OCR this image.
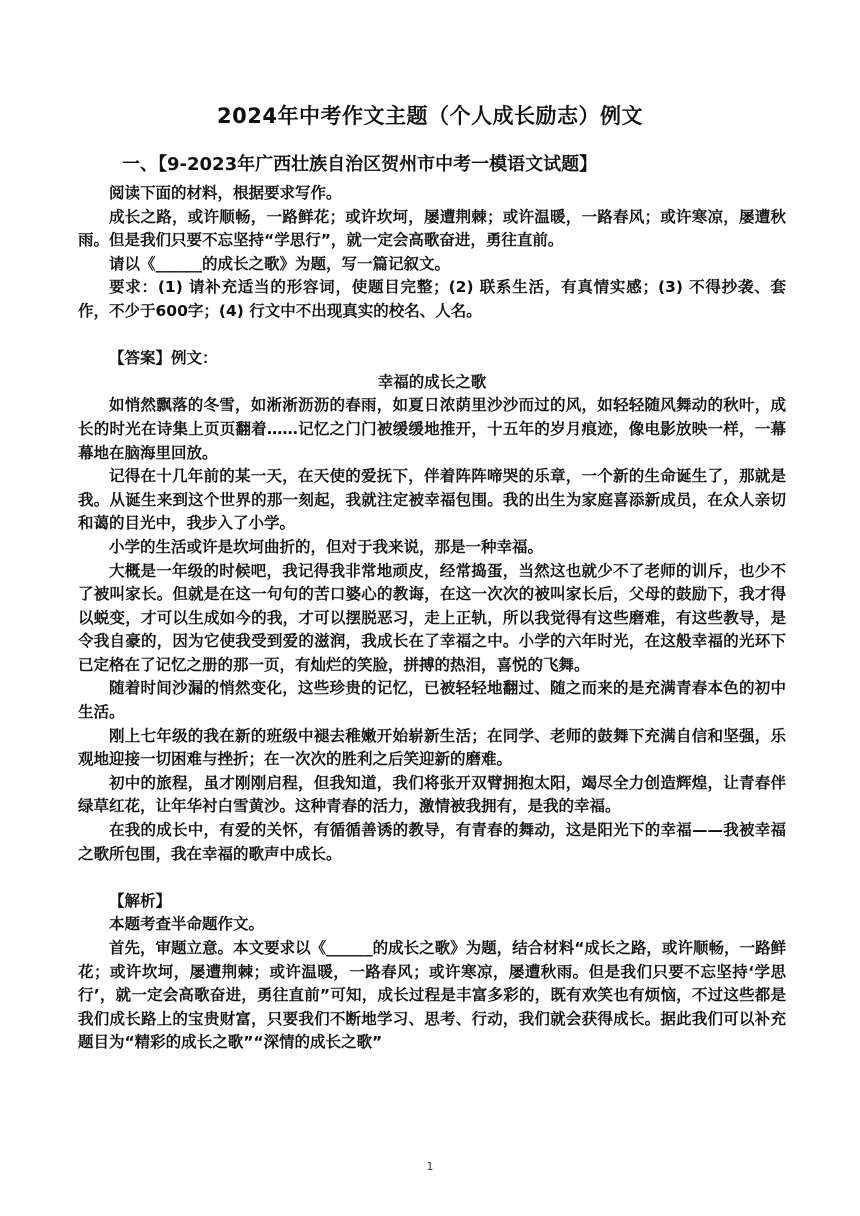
2024年中考作文主题（个人成长励志）例文

一、【9-2023年广西壮族自治区贺州市中考一模语文试题】

阅读下面的材料，根据要求写作。

成长之路，或许顺畅，一路鲜花；或许坎坷，屡遭荆棘；或许温暖，一路春风；或许寒凉，屡遭秋雨。但是我们只要不忘坚持“学思行”，就一定会高歌奋进，勇往直前。

请以《______的成长之歌》为题，写一篇记叙文。

要求：(1) 请补充适当的形容词，使题目完整；(2) 联系生活，有真情实感；(3) 不得抄袭、套作，不少于600字；(4) 行文中不出现真实的校名、人名。

【答案】例文：

幸福的成长之歌

如悄然飘落的冬雪，如淅淅沥沥的春雨，如夏日浓荫里沙沙而过的风，如轻轻随风舞动的秋叶，成长的时光在诗集上页页翻着……记忆之门门被缓缓地推开，十五年的岁月痕迹，像电影放映一样，一幕幕地在脑海里回放。

记得在十几年前的某一天，在天使的爱抚下，伴着阵阵啼哭的乐章，一个新的生命诞生了，那就是我。从诞生来到这个世界的那一刻起，我就注定被幸福包围。我的出生为家庭喜添新成员，在众人亲切和蔼的目光中，我步入了小学。

小学的生活或许是坎坷曲折的，但对于我来说，那是一种幸福。

大概是一年级的时候吧，我记得我非常地顽皮，经常捣蛋，当然这也就少不了老师的训斥，也少不了被叫家长。但就是在这一句句的苦口婆心的教诲，在这一次次的被叫家长后，父母的鼓励下，我才得以蜕变，才可以生成如今的我，才可以摆脱恶习，走上正轨，所以我觉得有这些磨难，有这些教导，是令我自豪的，因为它使我受到爱的滋润，我成长在了幸福之中。小学的六年时光，在这般幸福的光环下已定格在了记忆之册的那一页，有灿烂的笑脸，拼搏的热泪，喜悦的飞舞。

随着时间沙漏的悄然变化，这些珍贵的记忆，已被轻轻地翻过、随之而来的是充满青春本色的初中生活。

刚上七年级的我在新的班级中褪去稚嫩开始崭新生活；在同学、老师的鼓舞下充满自信和坚强，乐观地迎接一切困难与挫折；在一次次的胜利之后笑迎新的磨难。

初中的旅程，虽才刚刚启程，但我知道，我们将张开双臂拥抱太阳，竭尽全力创造辉煌，让青春伴绿草红花，让年华衬白雪黄沙。这种青春的活力，激情被我拥有，是我的幸福。

在我的成长中，有爱的关怀，有循循善诱的教导，有青春的舞动，这是阳光下的幸福——我被幸福之歌所包围，我在幸福的歌声中成长。

【解析】

本题考查半命题作文。

首先，审题立意。本文要求以《______的成长之歌》为题，结合材料“成长之路，或许顺畅，一路鲜花；或许坎坷，屡遭荆棘；或许温暖，一路春风；或许寒凉，屡遭秋雨。但是我们只要不忘坚持‘学思行’，就一定会高歌奋进，勇往直前”可知，成长过程是丰富多彩的，既有欢笑也有烦恼，不过这些都是我们成长路上的宝贵财富，只要我们不断地学习、思考、行动，我们就会获得成长。据此我们可以补充题目为“精彩的成长之歌”“深情的成长之歌”

1
